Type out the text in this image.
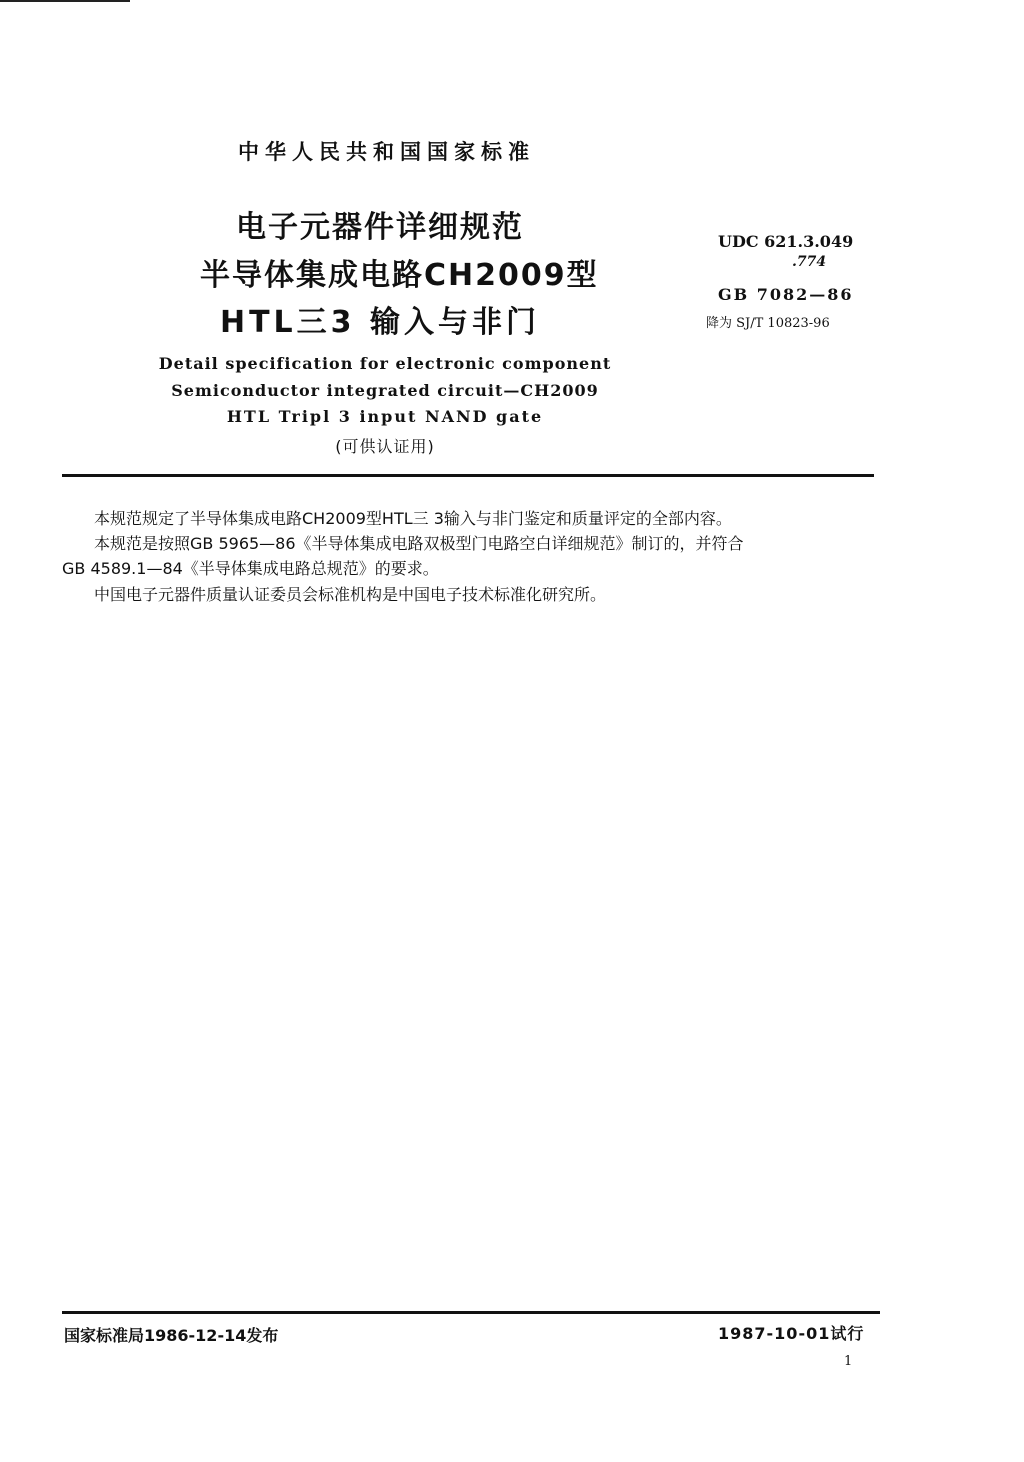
中华人民共和国国家标准
电子元器件详细规范
半导体集成电路CH2009型
HTL三3 输入与非门
UDC 621.3.049
.774
GB 7082—86
降为 SJ/T 10823-96
Detail specification for electronic component
Semiconductor integrated circuit—CH2009
HTL Tripl 3 input NAND gate
(可供认证用)
本规范规定了半导体集成电路CH2009型HTL三 3输入与非门鉴定和质量评定的全部内容。
本规范是按照GB 5965—86《半导体集成电路双极型门电路空白详细规范》制订的，并符合
GB 4589.1—84《半导体集成电路总规范》的要求。
中国电子元器件质量认证委员会标准机构是中国电子技术标准化研究所。
国家标准局1986-12-14发布	1987-10-01试行
1
